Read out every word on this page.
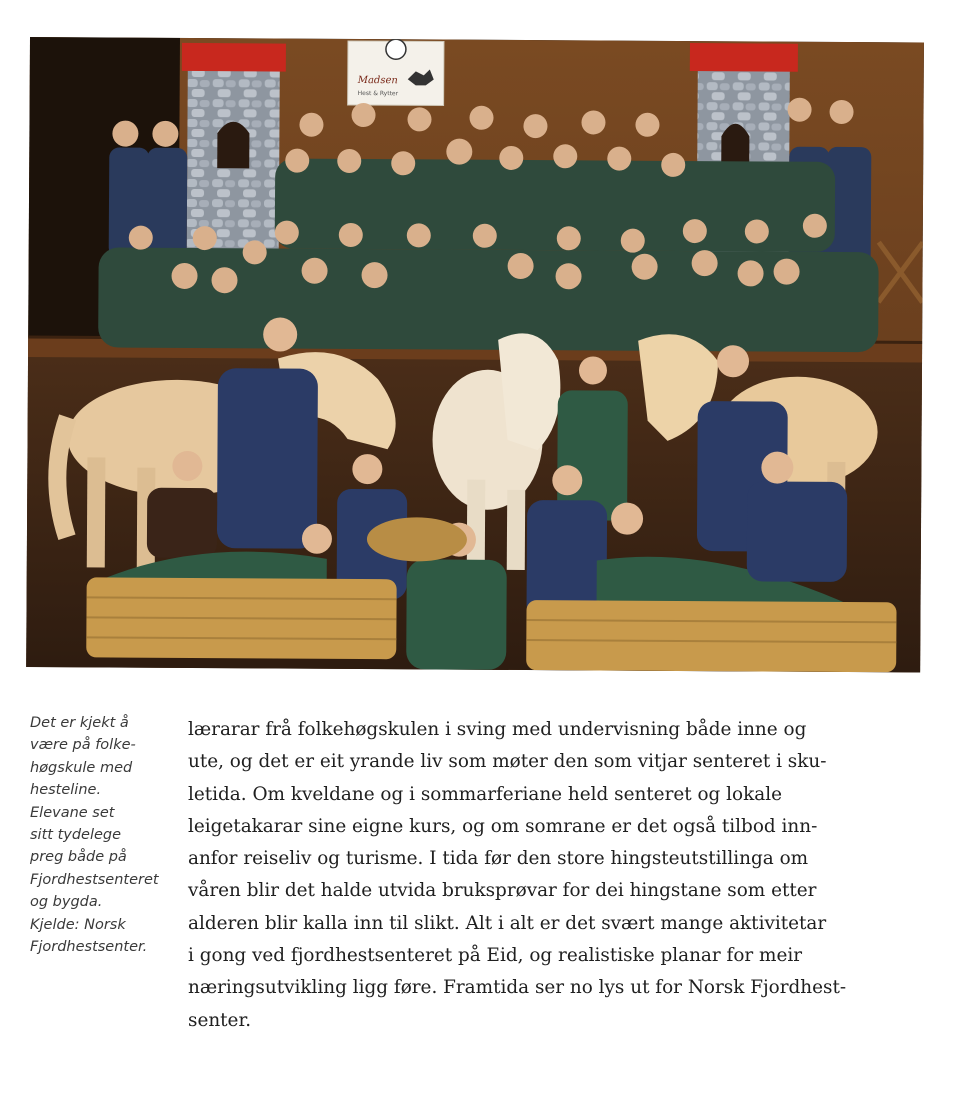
Madsen
Hest & Rytter

Det er kjekt å
være på folke-
høgskule med
hesteline.
Elevane set
sitt tydelege
preg både på
Fjordhestsenteret
og bygda.
Kjelde: Norsk
Fjordhestsenter.

lærarar frå folkehøgskulen i sving med undervisning både inne og
ute, og det er eit yrande liv som møter den som vitjar senteret i sku-
letida. Om kveldane og i sommarferiane held senteret og lokale
leigetakarar sine eigne kurs, og om somrane er det også tilbod inn-
anfor reiseliv og turisme. I tida før den store hingsteutstillinga om
våren blir det halde utvida bruksprøvar for dei hingstane som etter
alderen blir kalla inn til slikt. Alt i alt er det svært mange aktivitetar
i gong ved fjordhestsenteret på Eid, og realistiske planar for meir
næringsutvikling ligg føre. Framtida ser no lys ut for Norsk Fjordhest-
senter.
